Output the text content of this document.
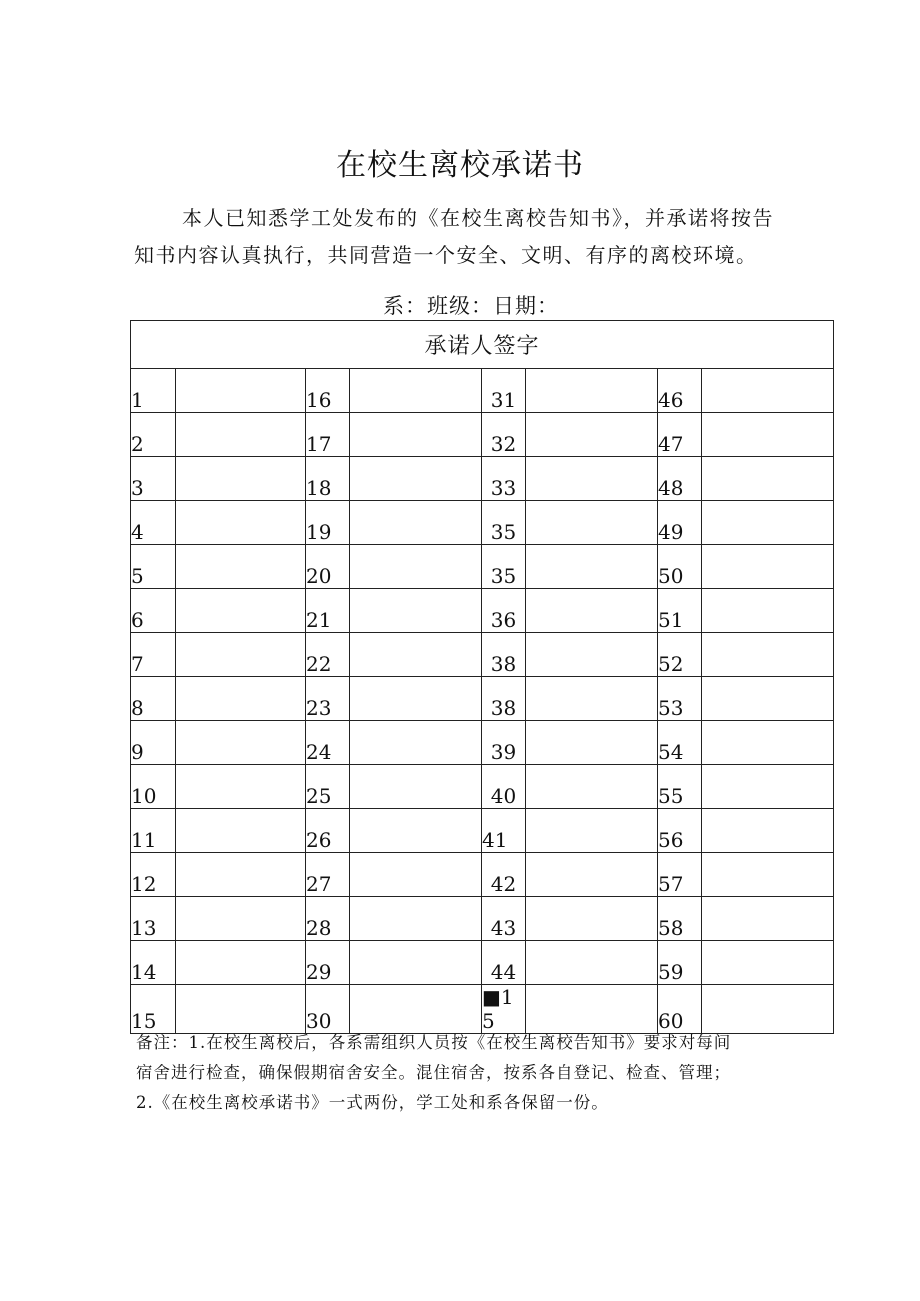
在校生离校承诺书

本人已知悉学工处发布的《在校生离校告知书》，并承诺将按告
知书内容认真执行，共同营造一个安全、文明、有序的离校环境。

系：班级：日期：
承诺人签字							
1		16		31		46	
2		17		32		47	
3		18		33		48	
4		19		35		49	
5		20		35		50	
6		21		36		51	
7		22		38		52	
8		23		38		53	
9		24		39		54	
10		25		40		55	
11		26		41		56	
12		27		42		57	
13		28		43		58	
14		29		44		59	
15		30		■1 5		60	
备注：1.在校生离校后，各系需组织人员按《在校生离校告知书》要求对每间
宿舍进行检查，确保假期宿舍安全。混住宿舍，按系各自登记、检查、管理；
2.《在校生离校承诺书》一式两份，学工处和系各保留一份。
